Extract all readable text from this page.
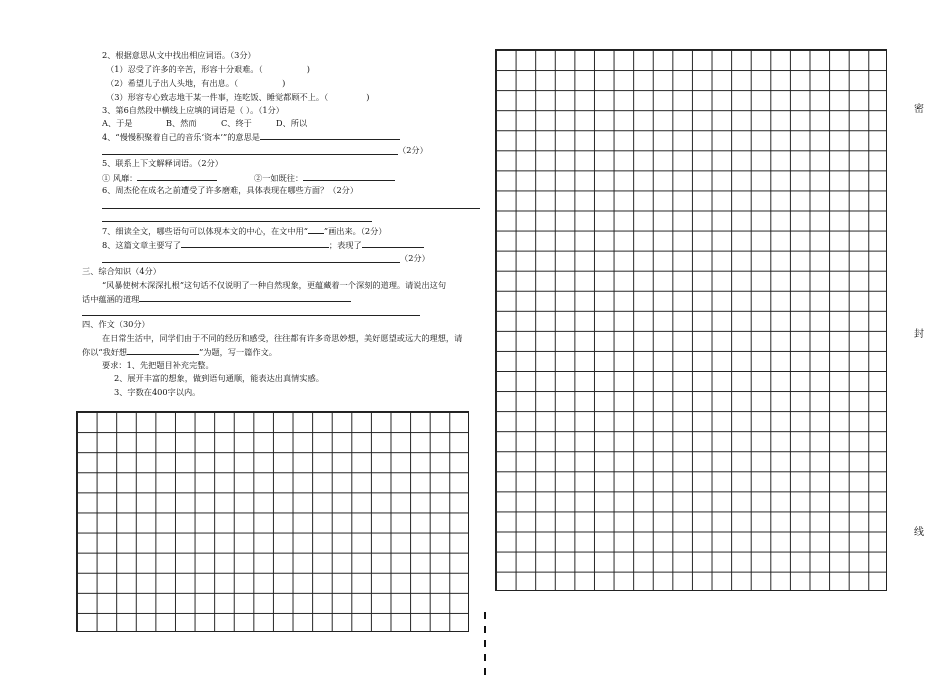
2、根据意思从文中找出相应词语。（3分）
（1）忍受了许多的辛苦，形容十分艰难。（	)
（2）希望儿子出人头地，有出息。（	)
（3）形容专心致志地干某一件事，连吃饭、睡觉都顾不上。（	)
3、第6自然段中横线上应填的词语是（ ）。（1分）
A、于是	B、然而	C、终于	D、所以
4、“慢慢积聚着自己的音乐‘资本’”的意思是
（2分）
5、联系上下文解释词语。（2分）
① 风靡：	②一如既往：
6、周杰伦在成名之前遭受了许多磨难，具体表现在哪些方面？（2分）
7、细读全文，哪些语句可以体现本文的中心，在文中用“ ”画出来。（2分）
8、这篇文章主要写了	；表现了
（2分）
三、综合知识（4分）
“风暴使树木深深扎根”这句话不仅说明了一种自然现象，更蕴藏着一个深刻的道理。请说出这句
话中蕴涵的道理
四、作文（30分）
在日常生活中，同学们由于不同的经历和感受，往往都有许多奇思妙想，美好愿望或远大的理想，请
你以“我好想	”为题，写一篇作文。
要求：1、先把题目补充完整。
2、展开丰富的想象，做到语句通顺，能表达出真情实感。
3、字数在400字以内。
密
封
线
